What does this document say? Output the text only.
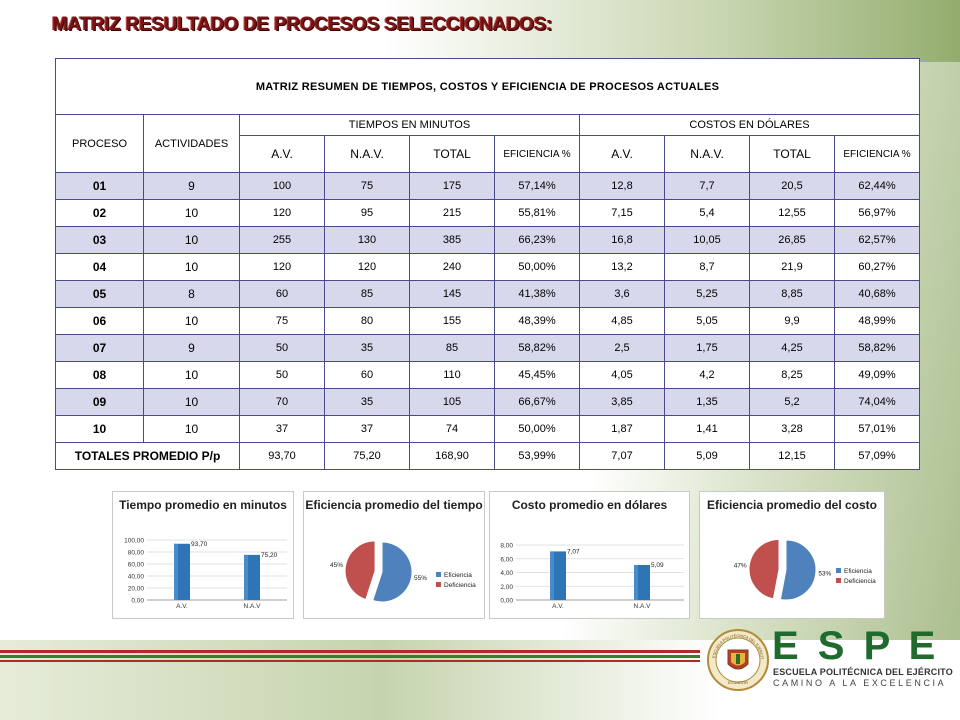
MATRIZ RESULTADO DE PROCESOS SELECCIONADOS:
MATRIZ RESUMEN DE TIEMPOS, COSTOS Y EFICIENCIA DE PROCESOS ACTUALES									
PROCESO	ACTIVIDADES	TIEMPOS EN MINUTOS				COSTOS EN DÓLARES			
		A.V.	N.A.V.	TOTAL	EFICIENCIA %	A.V.	N.A.V.	TOTAL	EFICIENCIA %
01	9	100	75	175	57,14%	12,8	7,7	20,5	62,44%
02	10	120	95	215	55,81%	7,15	5,4	12,55	56,97%
03	10	255	130	385	66,23%	16,8	10,05	26,85	62,57%
04	10	120	120	240	50,00%	13,2	8,7	21,9	60,27%
05	8	60	85	145	41,38%	3,6	5,25	8,85	40,68%
06	10	75	80	155	48,39%	4,85	5,05	9,9	48,99%
07	9	50	35	85	58,82%	2,5	1,75	4,25	58,82%
08	10	50	60	110	45,45%	4,05	4,2	8,25	49,09%
09	10	70	35	105	66,67%	3,85	1,35	5,2	74,04%
10	10	37	37	74	50,00%	1,87	1,41	3,28	57,01%
TOTALES PROMEDIO P/p		93,70	75,20	168,90	53,99%	7,07	5,09	12,15	57,09%
Tiempo promedio en minutos
0,00
20,00
40,00
60,00
80,00
100,00	93,70
A.V.
75,20
N.A.V
Eficiencia promedio del tiempo
55%
45%
Eficiencia
Deficiencia
Costo promedio en dólares
0,00
2,00
4,00
6,00
8,00
7,07
A.V.
5,09
N.A.V
Eficiencia promedio del costo
53%
47%
Eficiencia
Deficiencia
ECUADOR
ESCUELA POLITÉCNICA DEL EJÉRCIT E S P E
ESCUELA POLITÉCNICA DEL EJÉRCITO
CAMINO A LA EXCELENCIA
